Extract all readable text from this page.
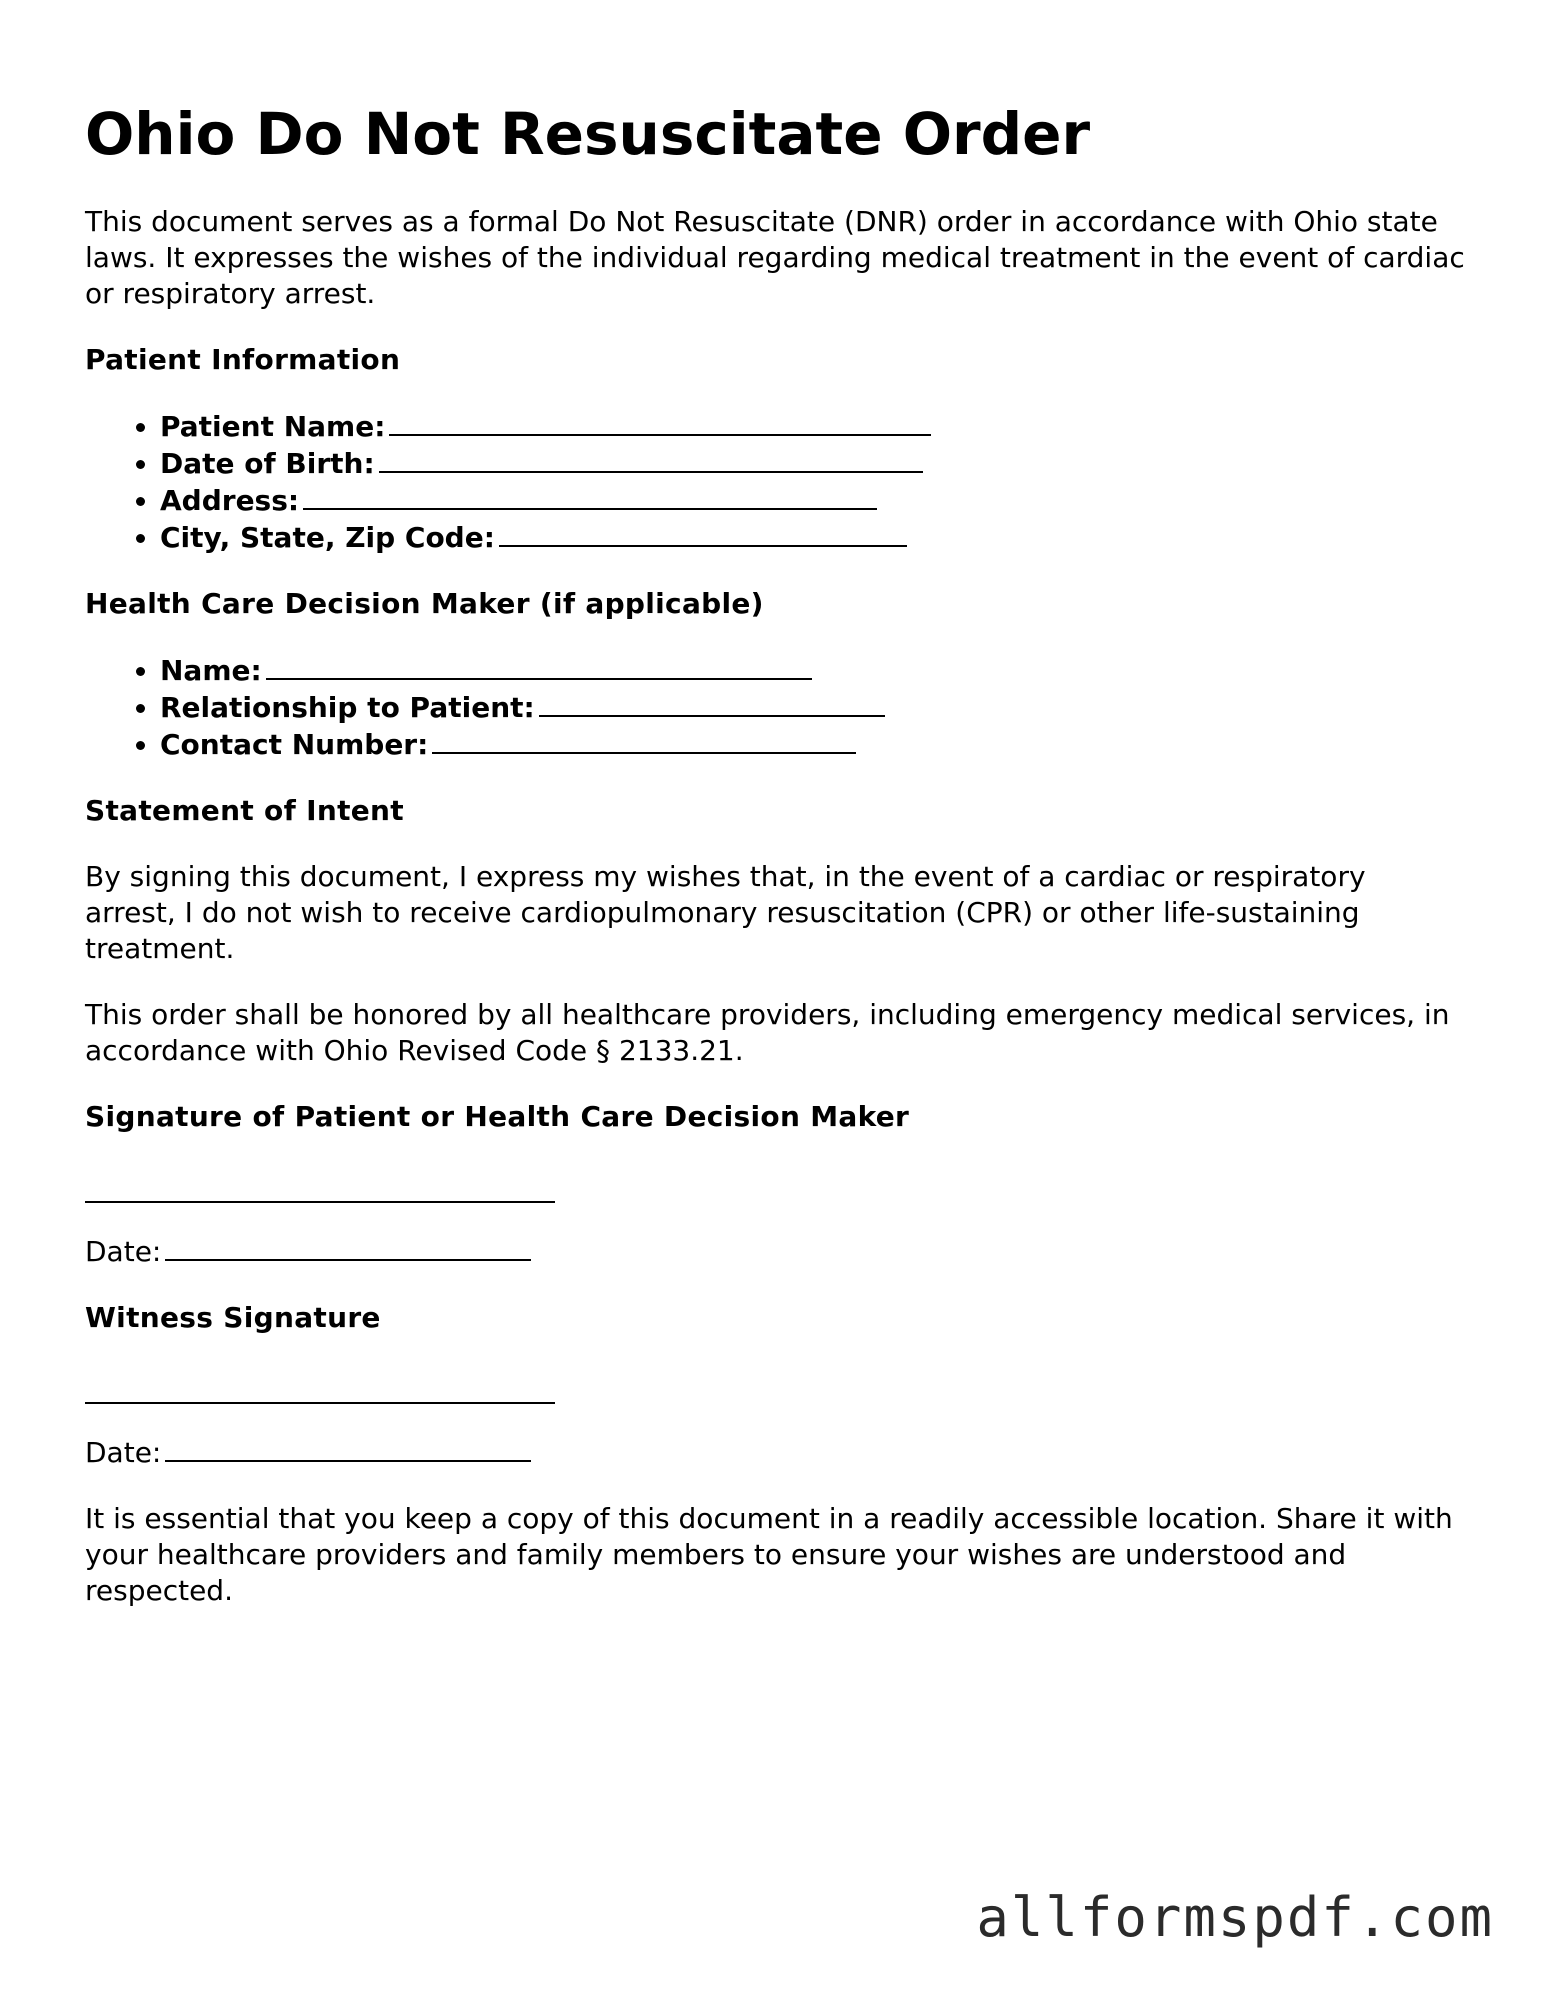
Ohio Do Not Resuscitate Order

This document serves as a formal Do Not Resuscitate (DNR) order in accordance with Ohio state laws. It expresses the wishes of the individual regarding medical treatment in the event of cardiac or respiratory arrest.

Patient Information
• Patient Name:
• Date of Birth:
• Address:
• City, State, Zip Code:
Health Care Decision Maker (if applicable)
• Name:
• Relationship to Patient:
• Contact Number:
Statement of Intent

By signing this document, I express my wishes that, in the event of a cardiac or respiratory arrest, I do not wish to receive cardiopulmonary resuscitation (CPR) or other life-sustaining treatment.

This order shall be honored by all healthcare providers, including emergency medical services, in accordance with Ohio Revised Code § 2133.21.

Signature of Patient or Health Care Decision Maker
Date:
Witness Signature
Date:

It is essential that you keep a copy of this document in a readily accessible location. Share it with your healthcare providers and family members to ensure your wishes are understood and respected.

allformspdf.com
